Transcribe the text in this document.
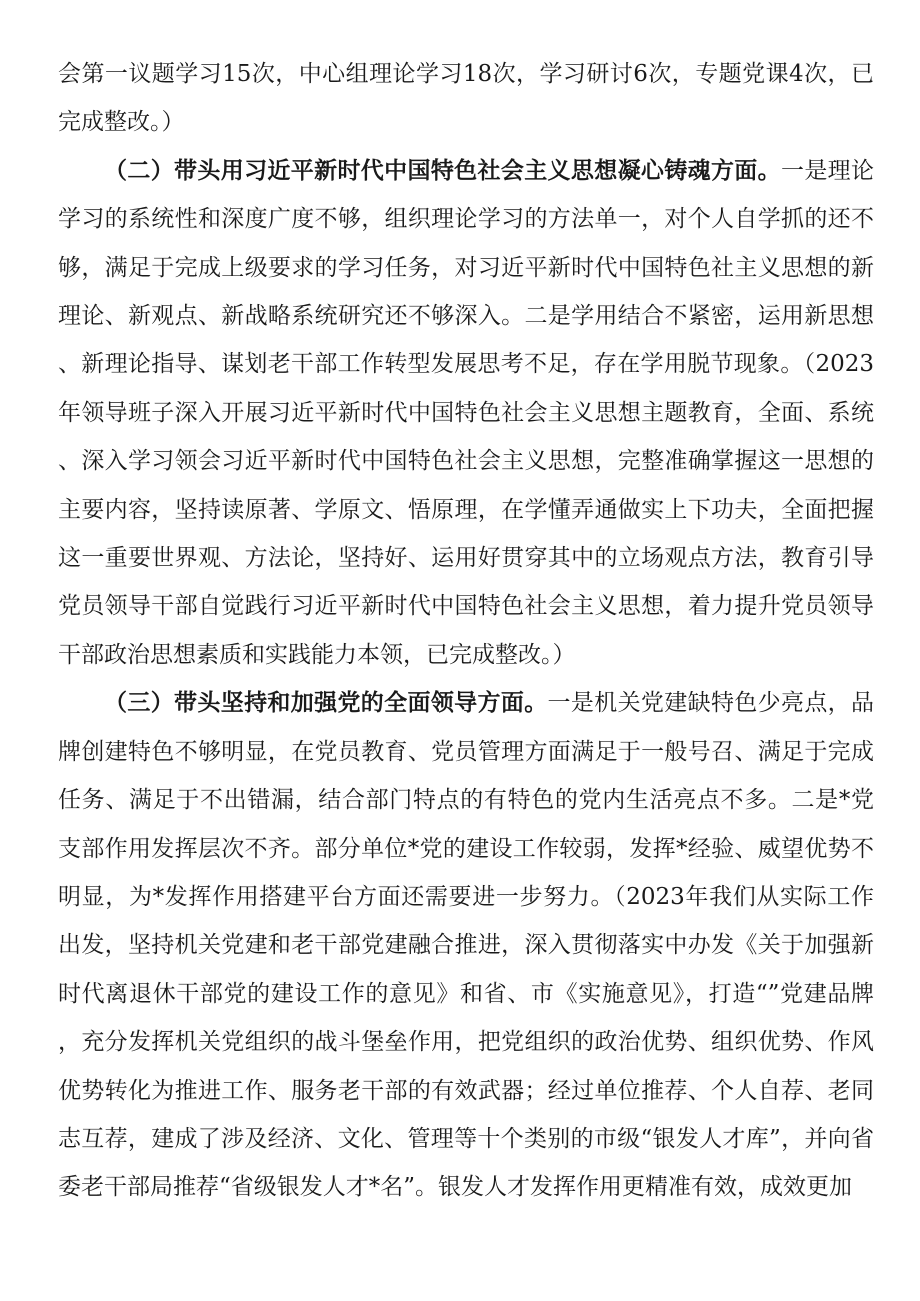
会第一议题学习15次，中心组理论学习18次，学习研讨6次，专题党课4次，已完成整改。）

（二）带头用习近平新时代中国特色社会主义思想凝心铸魂方面。一是理论学习的系统性和深度广度不够，组织理论学习的方法单一，对个人自学抓的还不够，满足于完成上级要求的学习任务，对习近平新时代中国特色社主义思想的新理论、新观点、新战略系统研究还不够深入。二是学用结合不紧密，运用新思想、新理论指导、谋划老干部工作转型发展思考不足，存在学用脱节现象。（2023年领导班子深入开展习近平新时代中国特色社会主义思想主题教育，全面、系统、深入学习领会习近平新时代中国特色社会主义思想，完整准确掌握这一思想的主要内容，坚持读原著、学原文、悟原理，在学懂弄通做实上下功夫，全面把握这一重要世界观、方法论，坚持好、运用好贯穿其中的立场观点方法，教育引导党员领导干部自觉践行习近平新时代中国特色社会主义思想，着力提升党员领导干部政治思想素质和实践能力本领，已完成整改。）

（三）带头坚持和加强党的全面领导方面。一是机关党建缺特色少亮点，品牌创建特色不够明显，在党员教育、党员管理方面满足于一般号召、满足于完成任务、满足于不出错漏，结合部门特点的有特色的党内生活亮点不多。二是*党支部作用发挥层次不齐。部分单位*党的建设工作较弱，发挥*经验、威望优势不明显，为*发挥作用搭建平台方面还需要进一步努力。（2023年我们从实际工作出发，坚持机关党建和老干部党建融合推进，深入贯彻落实中办发《关于加强新时代离退休干部党的建设工作的意见》和省、市《实施意见》，打造“”党建品牌，充分发挥机关党组织的战斗堡垒作用，把党组织的政治优势、组织优势、作风优势转化为推进工作、服务老干部的有效武器；经过单位推荐、个人自荐、老同志互荐，建成了涉及经济、文化、管理等十个类别的市级“银发人才库”，并向省委老干部局推荐“省级银发人才*名”。银发人才发挥作用更精准有效，成效更加
